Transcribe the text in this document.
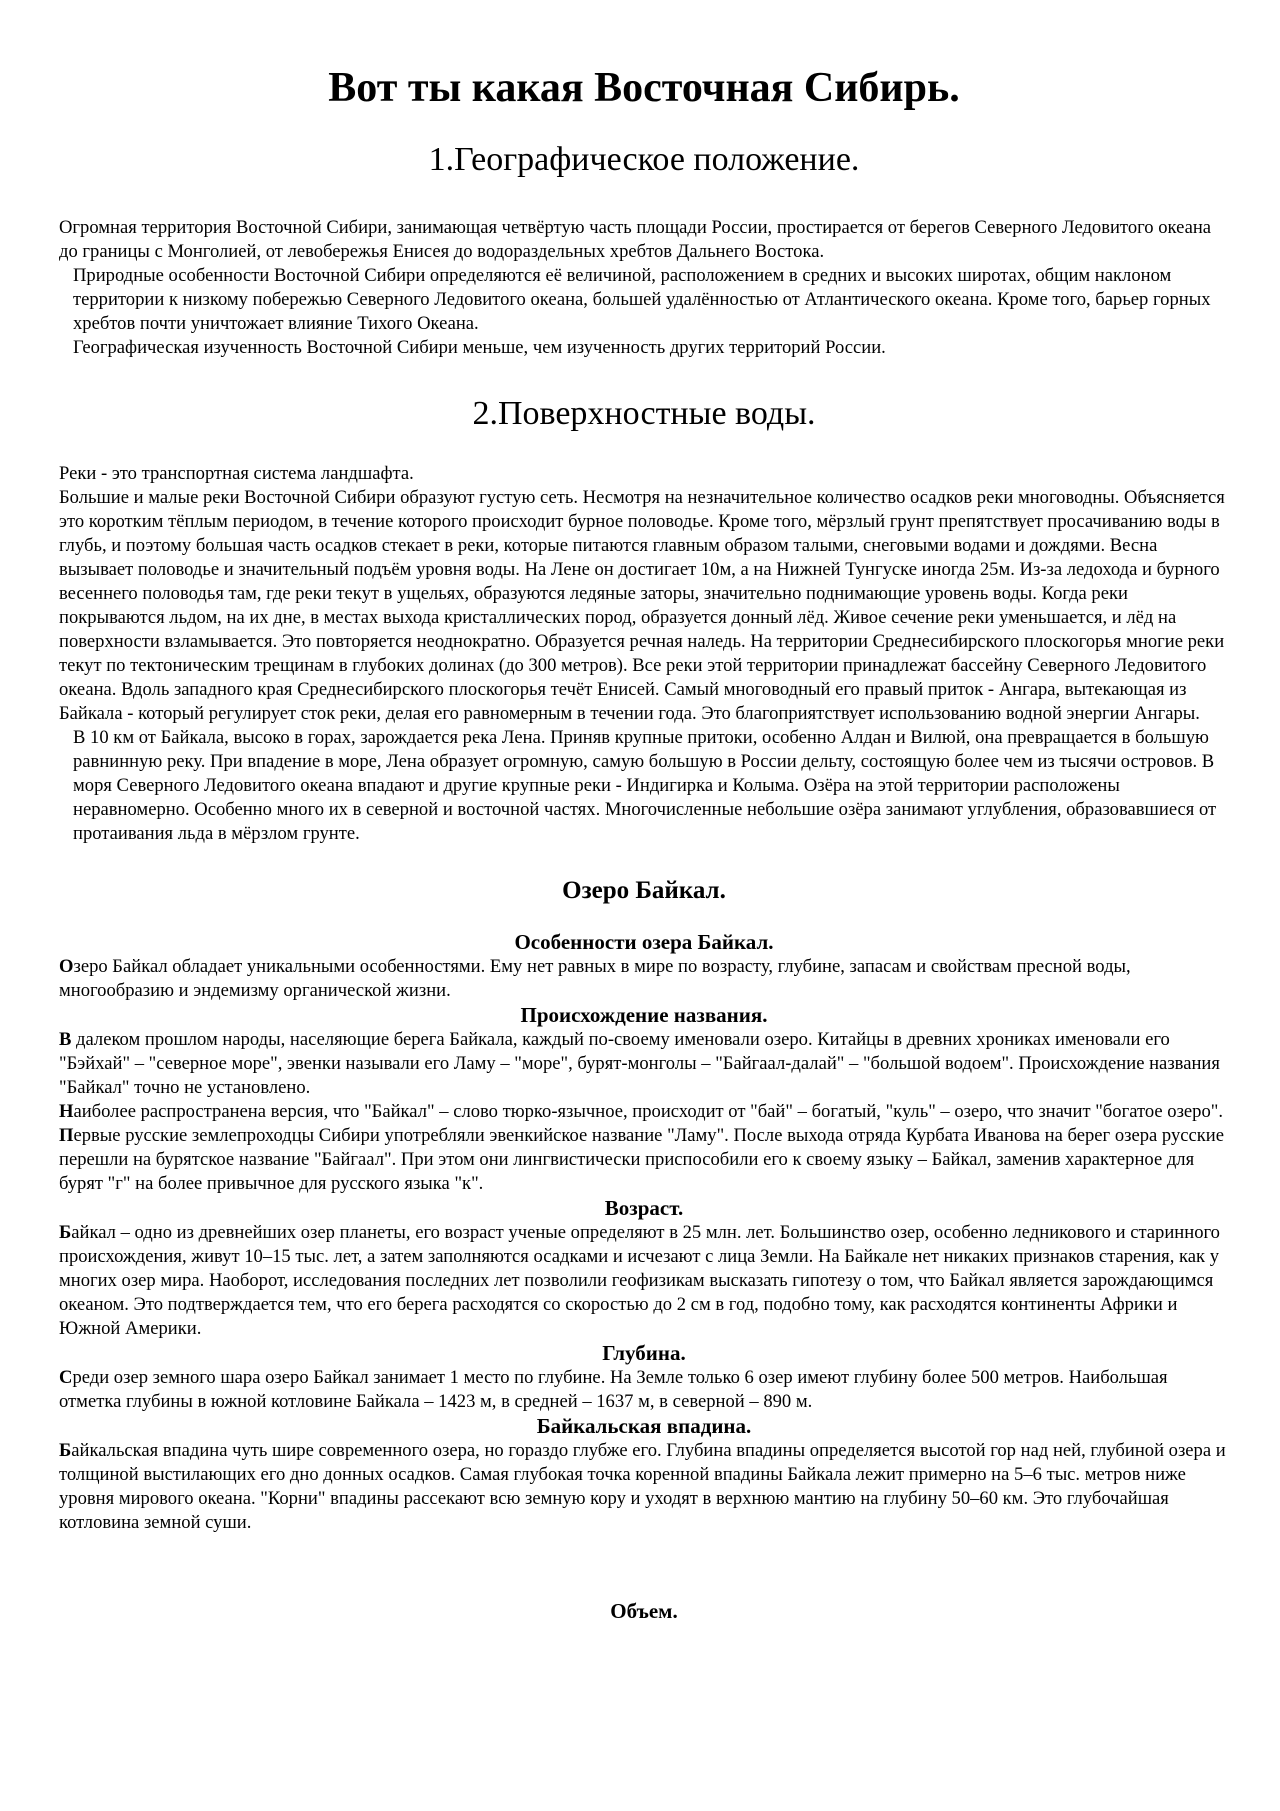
Вот ты какая Восточная Сибирь.
1.Географическое положение.

Огромная территория Восточной Сибири, занимающая четвёртую часть площади России, простирается от берегов Северного Ледовитого океана до границы с Монголией, от левобережья Енисея до водораздельных хребтов Дальнего Востока.

Природные особенности Восточной Сибири определяются её величиной, расположением в средних и высоких широтах, общим наклоном территории к низкому побережью Северного Ледовитого океана, большей удалённостью от Атлантического океана. Кроме того, барьер горных хребтов почти уничтожает влияние Тихого Океана.

Географическая изученность Восточной Сибири меньше, чем изученность других территорий России.

2.Поверхностные воды.

Реки - это транспортная система ландшафта.

Большие и малые реки Восточной Сибири образуют густую сеть. Несмотря на незначительное количество осадков реки многоводны. Объясняется это коротким тёплым периодом, в течение которого происходит бурное половодье. Кроме того, мёрзлый грунт препятствует просачиванию воды в глубь, и поэтому большая часть осадков стекает в реки, которые питаются главным образом талыми, снеговыми водами и дождями. Весна вызывает половодье и значительный подъём уровня воды. На Лене он достигает 10м, а на Нижней Тунгуске иногда 25м. Из-за ледохода и бурного весеннего половодья там, где реки текут в ущельях, образуются ледяные заторы, значительно поднимающие уровень воды. Когда реки покрываются льдом, на их дне, в местах выхода кристаллических пород, образуется донный лёд. Живое сечение реки уменьшается, и лёд на поверхности взламывается. Это повторяется неоднократно. Образуется речная наледь. На территории Среднесибирского плоскогорья многие реки текут по тектоническим трещинам в глубоких долинах (до 300 метров). Все реки этой территории принадлежат бассейну Северного Ледовитого океана. Вдоль западного края Среднесибирского плоскогорья течёт Енисей. Самый многоводный его правый приток - Ангара, вытекающая из Байкала - который регулирует сток реки, делая его равномерным в течении года. Это благоприятствует использованию водной энергии Ангары.

В 10 км от Байкала, высоко в горах, зарождается река Лена. Приняв крупные притоки, особенно Алдан и Вилюй, она превращается в большую равнинную реку. При впадение в море, Лена образует огромную, самую большую в России дельту, состоящую более чем из тысячи островов. В моря Северного Ледовитого океана впадают и другие крупные реки - Индигирка и Колыма. Озёра на этой территории расположены неравномерно. Особенно много их в северной и восточной частях. Многочисленные небольшие озёра занимают углубления, образовавшиеся от протаивания льда в мёрзлом грунте.

Озеро Байкал.
Особенности озера Байкал.

Озеро Байкал обладает уникальными особенностями. Ему нет равных в мире по возрасту, глубине, запасам и свойствам пресной воды, многообразию и эндемизму органической жизни.

Происхождение названия.

В далеком прошлом народы, населяющие берега Байкала, каждый по-своему именовали озеро. Китайцы в древних хрониках именовали его "Бэйхай" – "северное море", эвенки называли его Ламу – "море", бурят-монголы – "Байгаал-далай" – "большой водоем". Происхождение названия "Байкал" точно не установлено.

Наиболее распространена версия, что "Байкал" – слово тюрко-язычное, происходит от "бай" – богатый, "куль" – озеро, что значит "богатое озеро".

Первые русские землепроходцы Сибири употребляли эвенкийское название "Ламу". После выхода отряда Курбата Иванова на берег озера русские перешли на бурятское название "Байгаал". При этом они лингвистически приспособили его к своему языку – Байкал, заменив характерное для бурят "г" на более привычное для русского языка "к".

Возраст.

Байкал – одно из древнейших озер планеты, его возраст ученые определяют в 25 млн. лет. Большинство озер, особенно ледникового и старинного происхождения, живут 10–15 тыс. лет, а затем заполняются осадками и исчезают с лица Земли. На Байкале нет никаких признаков старения, как у многих озер мира. Наоборот, исследования последних лет позволили геофизикам высказать гипотезу о том, что Байкал является зарождающимся океаном. Это подтверждается тем, что его берега расходятся со скоростью до 2 см в год, подобно тому, как расходятся континенты Африки и Южной Америки.

Глубина.

Среди озер земного шара озеро Байкал занимает 1 место по глубине. На Земле только 6 озер имеют глубину более 500 метров. Наибольшая отметка глубины в южной котловине Байкала – 1423 м, в средней – 1637 м, в северной – 890 м.

Байкальская впадина.

Байкальская впадина чуть шире современного озера, но гораздо глубже его. Глубина впадины определяется высотой гор над ней, глубиной озера и толщиной выстилающих его дно донных осадков. Самая глубокая точка коренной впадины Байкала лежит примерно на 5–6 тыс. метров ниже уровня мирового океана. "Корни" впадины рассекают всю земную кору и уходят в верхнюю мантию на глубину 50–60 км. Это глубочайшая котловина земной суши.

Объем.
